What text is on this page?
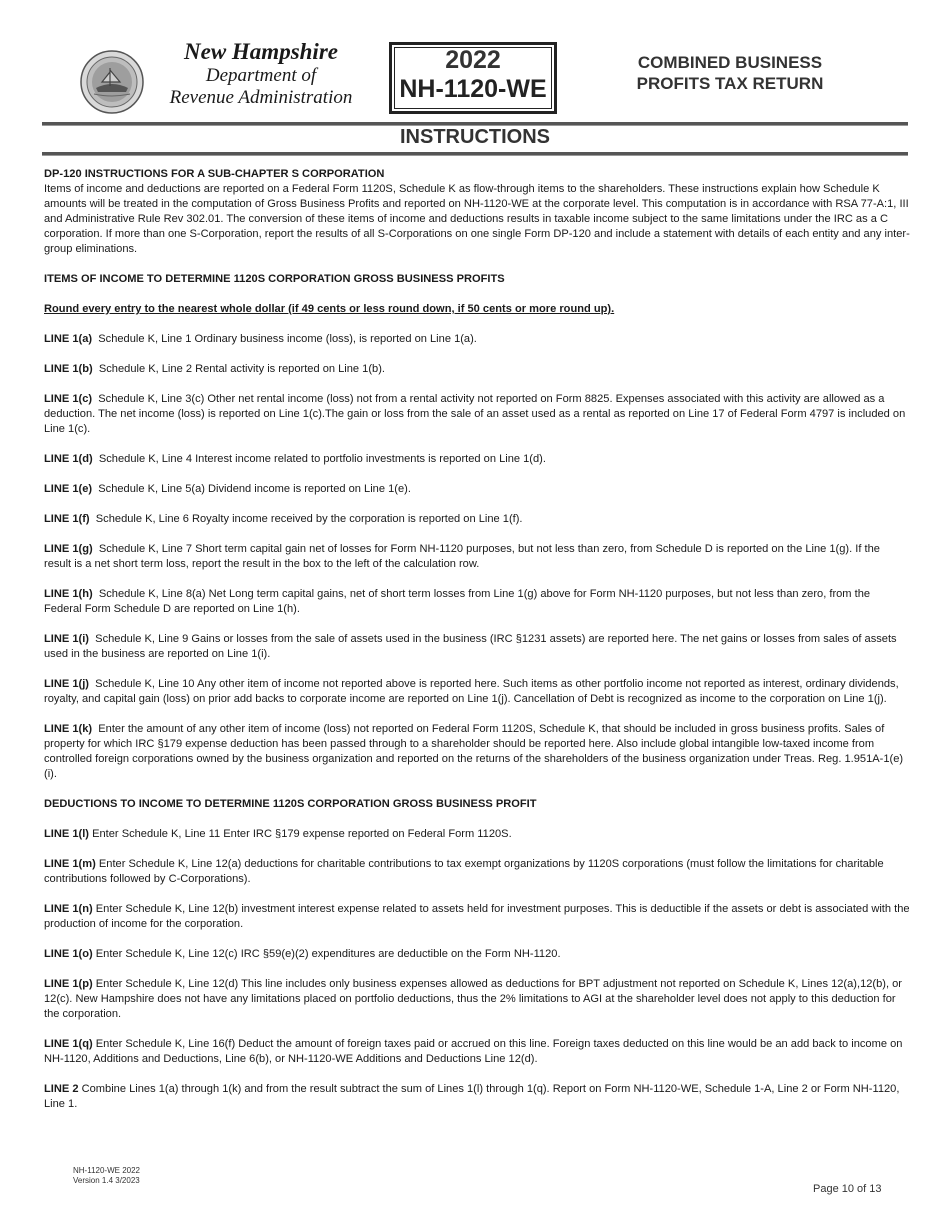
New Hampshire
Department of
Revenue Administration
2022
NH-1120-WE
COMBINED BUSINESS
PROFITS TAX RETURN
INSTRUCTIONS

DP-120 INSTRUCTIONS FOR A SUB-CHAPTER S CORPORATION

Items of income and deductions are reported on a Federal Form 1120S, Schedule K as flow-through items to the shareholders. These instructions explain how Schedule K amounts will be treated in the computation of Gross Business Profits and reported on NH-1120-WE at the corporate level. This computation is in accordance with RSA 77-A:1, III and Administrative Rule Rev 302.01. The conversion of these items of income and deductions results in taxable income subject to the same limitations under the IRC as a C corporation. If more than one S-Corporation, report the results of all S-Corporations on one single Form DP-120 and include a statement with details of each entity and any inter-group eliminations.

ITEMS OF INCOME TO DETERMINE 1120S CORPORATION GROSS BUSINESS PROFITS

Round every entry to the nearest whole dollar (if 49 cents or less round down, if 50 cents or more round up).

LINE 1(a) Schedule K, Line 1 Ordinary business income (loss), is reported on Line 1(a).

LINE 1(b) Schedule K, Line 2 Rental activity is reported on Line 1(b).

LINE 1(c) Schedule K, Line 3(c) Other net rental income (loss) not from a rental activity not reported on Form 8825. Expenses associated with this activity are allowed as a deduction. The net income (loss) is reported on Line 1(c).The gain or loss from the sale of an asset used as a rental as reported on Line 17 of Federal Form 4797 is included on Line 1(c).

LINE 1(d) Schedule K, Line 4 Interest income related to portfolio investments is reported on Line 1(d).

LINE 1(e) Schedule K, Line 5(a) Dividend income is reported on Line 1(e).

LINE 1(f) Schedule K, Line 6 Royalty income received by the corporation is reported on Line 1(f).

LINE 1(g) Schedule K, Line 7 Short term capital gain net of losses for Form NH-1120 purposes, but not less than zero, from Schedule D is reported on the Line 1(g). If the result is a net short term loss, report the result in the box to the left of the calculation row.

LINE 1(h) Schedule K, Line 8(a) Net Long term capital gains, net of short term losses from Line 1(g) above for Form NH-1120 purposes, but not less than zero, from the Federal Form Schedule D are reported on Line 1(h).

LINE 1(i) Schedule K, Line 9 Gains or losses from the sale of assets used in the business (IRC §1231 assets) are reported here. The net gains or losses from sales of assets used in the business are reported on Line 1(i).

LINE 1(j) Schedule K, Line 10 Any other item of income not reported above is reported here. Such items as other portfolio income not reported as interest, ordinary dividends, royalty, and capital gain (loss) on prior add backs to corporate income are reported on Line 1(j). Cancellation of Debt is recognized as income to the corporation on Line 1(j).

LINE 1(k) Enter the amount of any other item of income (loss) not reported on Federal Form 1120S, Schedule K, that should be included in gross business profits. Sales of property for which IRC §179 expense deduction has been passed through to a shareholder should be reported here. Also include global intangible low-taxed income from controlled foreign corporations owned by the business organization and reported on the returns of the shareholders of the business organization under Treas. Reg. 1.951A-1(e)(i).

DEDUCTIONS TO INCOME TO DETERMINE 1120S CORPORATION GROSS BUSINESS PROFIT

LINE 1(l) Enter Schedule K, Line 11 Enter IRC §179 expense reported on Federal Form 1120S.

LINE 1(m) Enter Schedule K, Line 12(a) deductions for charitable contributions to tax exempt organizations by 1120S corporations (must follow the limitations for charitable contributions followed by C-Corporations).

LINE 1(n) Enter Schedule K, Line 12(b) investment interest expense related to assets held for investment purposes. This is deductible if the assets or debt is associated with the production of income for the corporation.

LINE 1(o) Enter Schedule K, Line 12(c) IRC §59(e)(2) expenditures are deductible on the Form NH-1120.

LINE 1(p) Enter Schedule K, Line 12(d) This line includes only business expenses allowed as deductions for BPT adjustment not reported on Schedule K, Lines 12(a),12(b), or 12(c). New Hampshire does not have any limitations placed on portfolio deductions, thus the 2% limitations to AGI at the shareholder level does not apply to this deduction for the corporation.

LINE 1(q) Enter Schedule K, Line 16(f) Deduct the amount of foreign taxes paid or accrued on this line. Foreign taxes deducted on this line would be an add back to income on NH-1120, Additions and Deductions, Line 6(b), or NH-1120-WE Additions and Deductions Line 12(d).

LINE 2 Combine Lines 1(a) through 1(k) and from the result subtract the sum of Lines 1(l) through 1(q). Report on Form NH-1120-WE, Schedule 1-A, Line 2 or Form NH-1120, Line 1.

NH-1120-WE 2022
Version 1.4 3/2023
Page 10 of 13
